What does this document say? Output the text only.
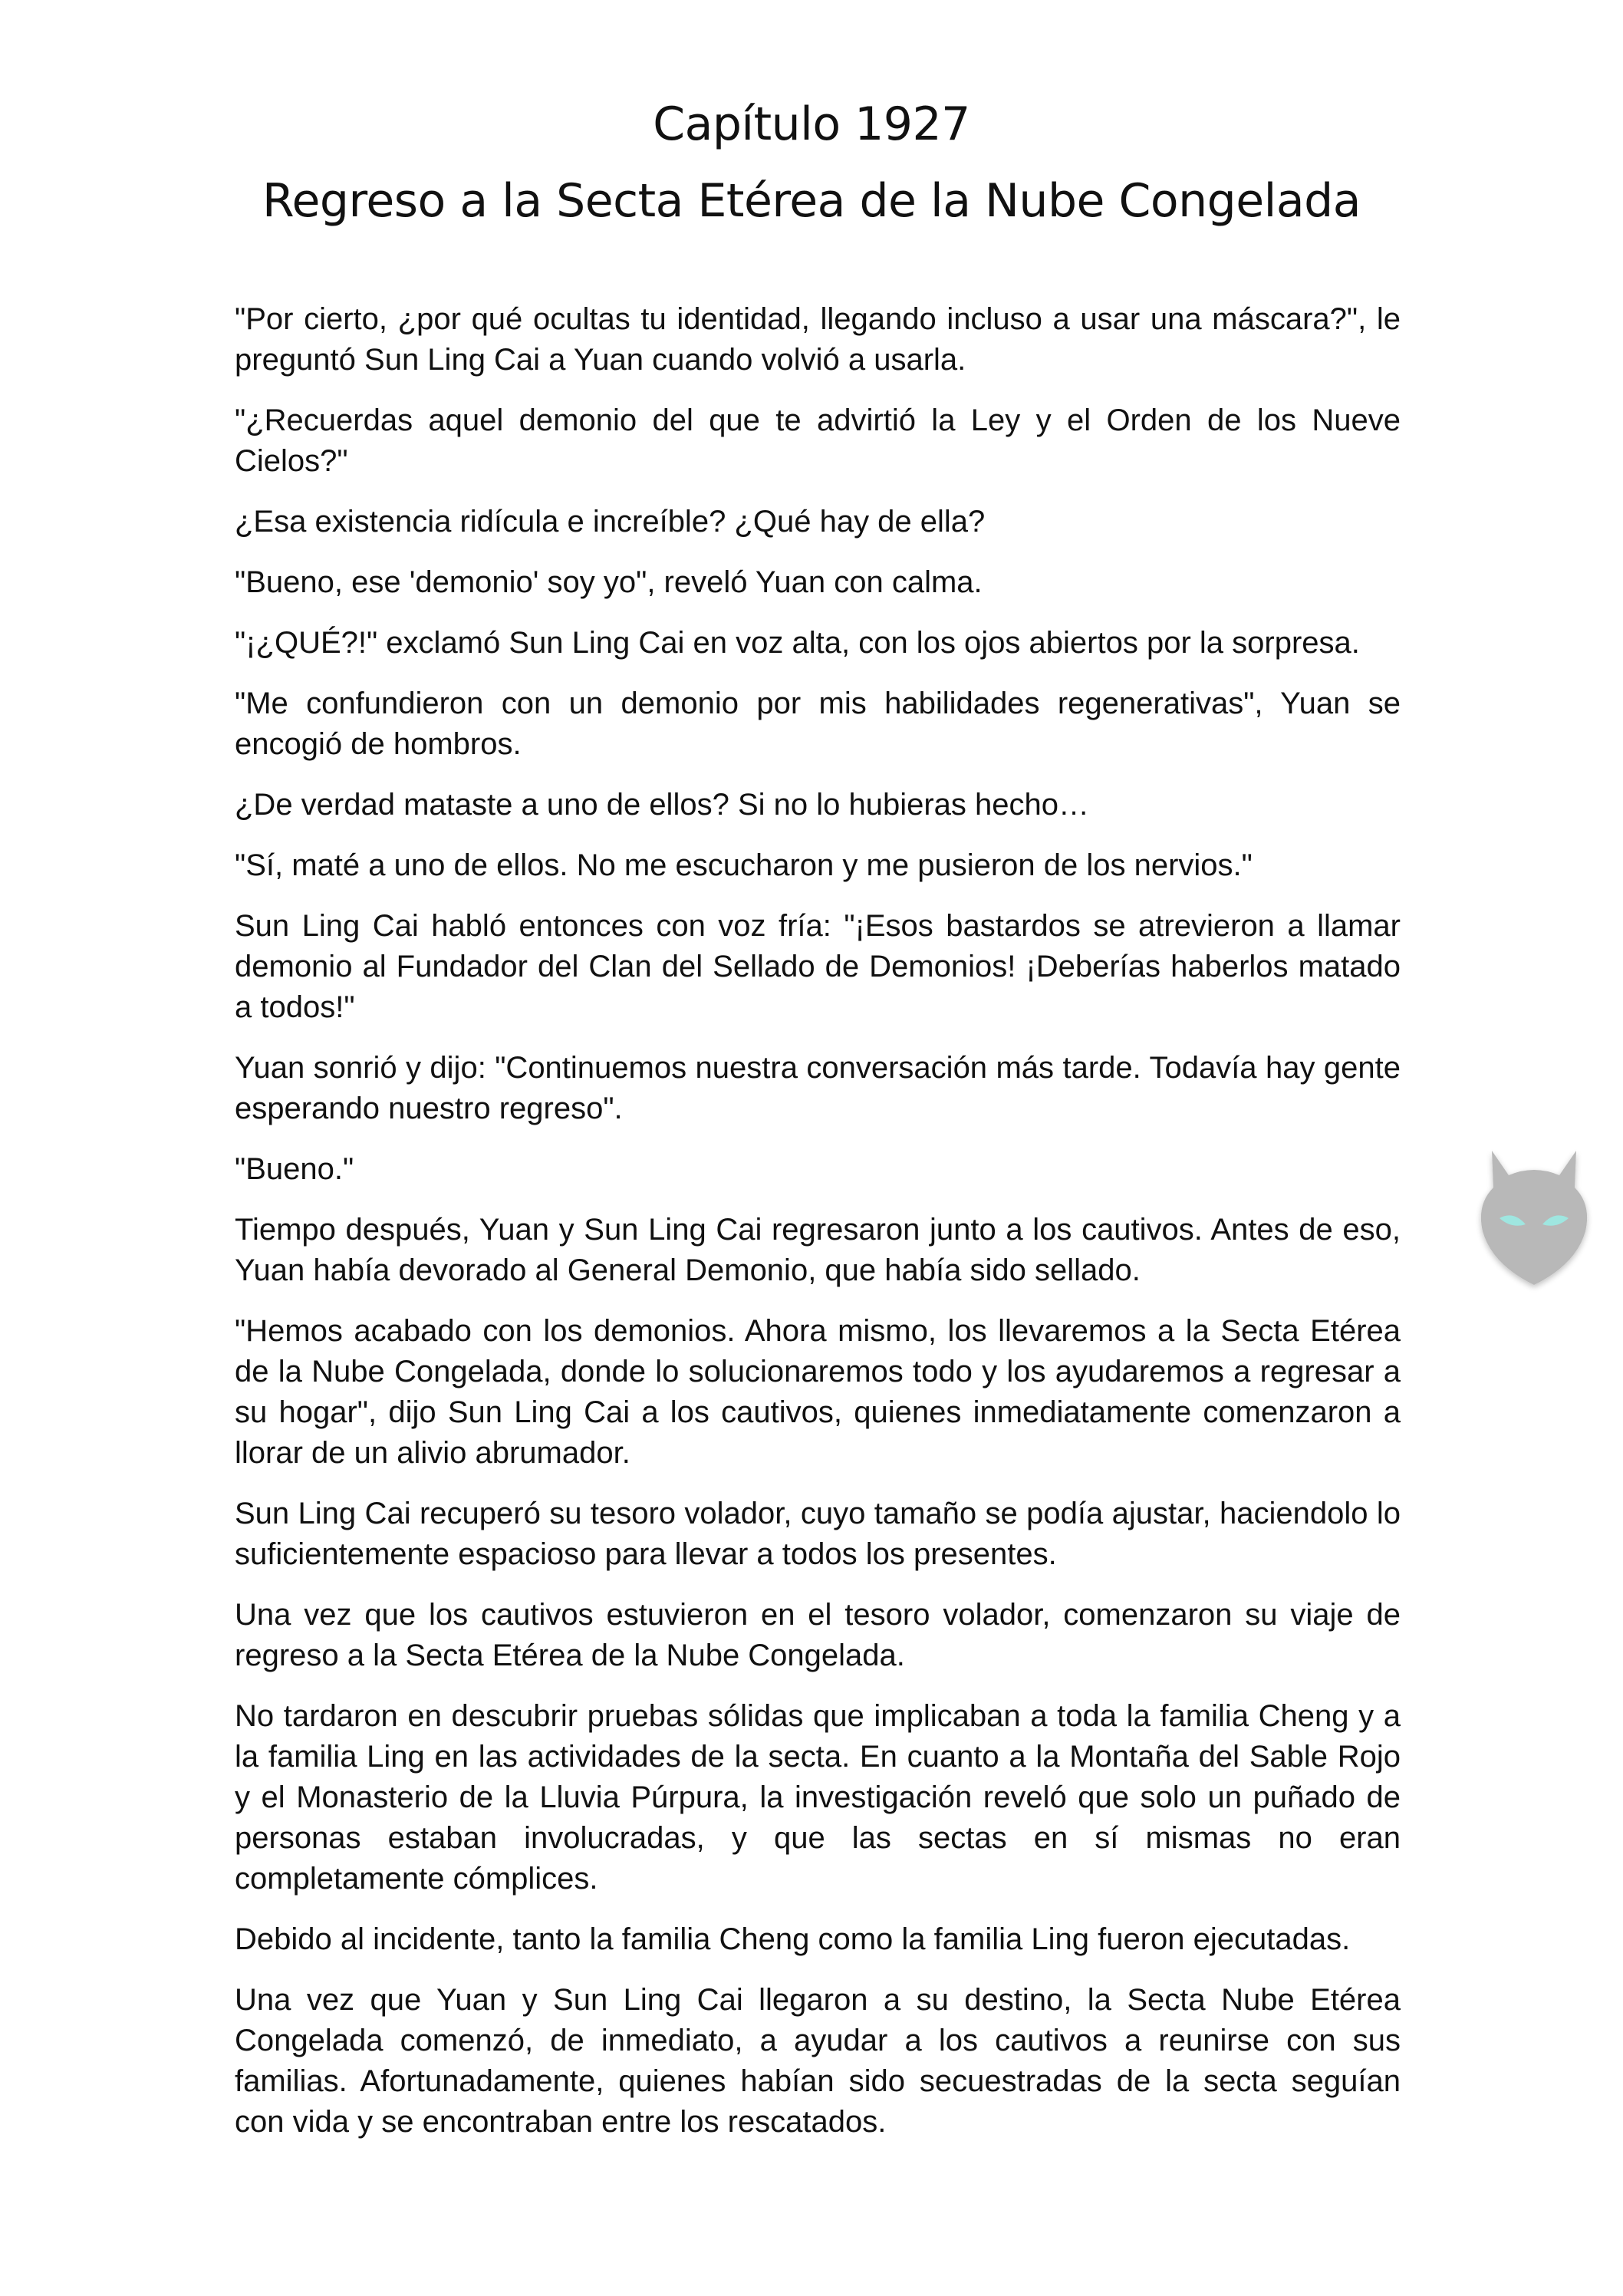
Capítulo 1927
Regreso a la Secta Etérea de la Nube Congelada

"Por cierto, ¿por qué ocultas tu identidad, llegando incluso a usar una máscara?", le preguntó Sun Ling Cai a Yuan cuando volvió a usarla.

"¿Recuerdas aquel demonio del que te advirtió la Ley y el Orden de los Nueve Cielos?"

¿Esa existencia ridícula e increíble? ¿Qué hay de ella?

"Bueno, ese 'demonio' soy yo", reveló Yuan con calma.

"¡¿QUÉ?!" exclamó Sun Ling Cai en voz alta, con los ojos abiertos por la sorpresa.

"Me confundieron con un demonio por mis habilidades regenerativas", Yuan se encogió de hombros.

¿De verdad mataste a uno de ellos? Si no lo hubieras hecho…

"Sí, maté a uno de ellos. No me escucharon y me pusieron de los nervios."

Sun Ling Cai habló entonces con voz fría: "¡Esos bastardos se atrevieron a llamar demonio al Fundador del Clan del Sellado de Demonios! ¡Deberías haberlos matado a todos!"

Yuan sonrió y dijo: "Continuemos nuestra conversación más tarde. Todavía hay gente esperando nuestro regreso".

"Bueno."

Tiempo después, Yuan y Sun Ling Cai regresaron junto a los cautivos. Antes de eso, Yuan había devorado al General Demonio, que había sido sellado.

"Hemos acabado con los demonios. Ahora mismo, los llevaremos a la Secta Etérea de la Nube Congelada, donde lo solucionaremos todo y los ayudaremos a regresar a su hogar", dijo Sun Ling Cai a los cautivos, quienes inmediatamente comenzaron a llorar de un alivio abrumador.

Sun Ling Cai recuperó su tesoro volador, cuyo tamaño se podía ajustar, haciendolo lo suficientemente espacioso para llevar a todos los presentes.

Una vez que los cautivos estuvieron en el tesoro volador, comenzaron su viaje de regreso a la Secta Etérea de la Nube Congelada.

No tardaron en descubrir pruebas sólidas que implicaban a toda la familia Cheng y a la familia Ling en las actividades de la secta. En cuanto a la Montaña del Sable Rojo y el Monasterio de la Lluvia Púrpura, la investigación reveló que solo un puñado de personas estaban involucradas, y que las sectas en sí mismas no eran completamente cómplices.

Debido al incidente, tanto la familia Cheng como la familia Ling fueron ejecutadas.

Una vez que Yuan y Sun Ling Cai llegaron a su destino, la Secta Nube Etérea Congelada comenzó, de inmediato, a ayudar a los cautivos a reunirse con sus familias. Afortunadamente, quienes habían sido secuestradas de la secta seguían con vida y se encontraban entre los rescatados.
